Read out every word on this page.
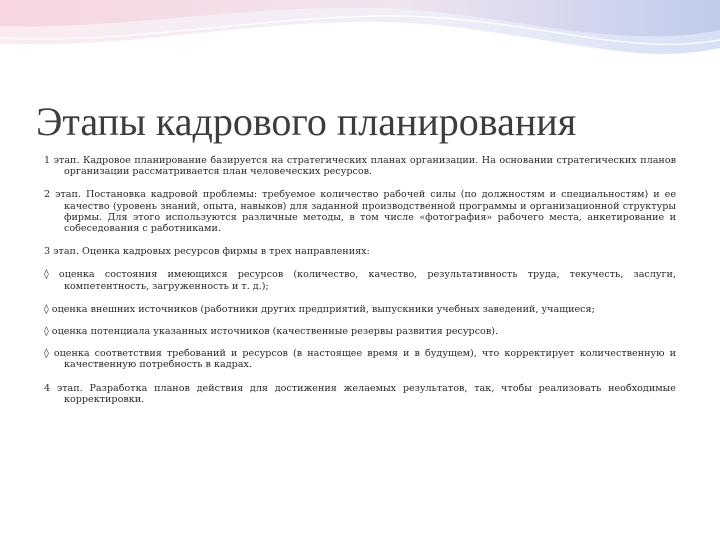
Этапы кадрового планирования

1 этап. Кадровое планирование базируется на стратегических планах организации. На основании стратегических планов организации рассматривается план человеческих ресурсов.

2 этап. Постановка кадровой проблемы: требуемое количество рабочей силы (по должностям и специальностям) и ее качество (уровень знаний, опыта, навыков) для заданной производственной программы и организационной структуры фирмы. Для этого используются различные методы, в том числе «фотография» рабочего места, анкетирование и собеседования с работниками.

3 этап. Оценка кадровых ресурсов фирмы в трех направлениях:

◊ оценка состояния имеющихся ресурсов (количество, качество, результативность труда, текучесть, заслуги, компетентность, загруженность и т. д.);

◊ оценка внешних источников (работники других предприятий, выпускники учебных заведений, учащиеся;

◊ оценка потенциала указанных источников (качественные резервы развития ресурсов).

◊ оценка соответствия требований и ресурсов (в настоящее время и в будущем), что корректирует количественную и качественную потребность в кадрах.

4 этап. Разработка планов действия для достижения желаемых результатов, так, чтобы реализовать необходимые корректировки.
